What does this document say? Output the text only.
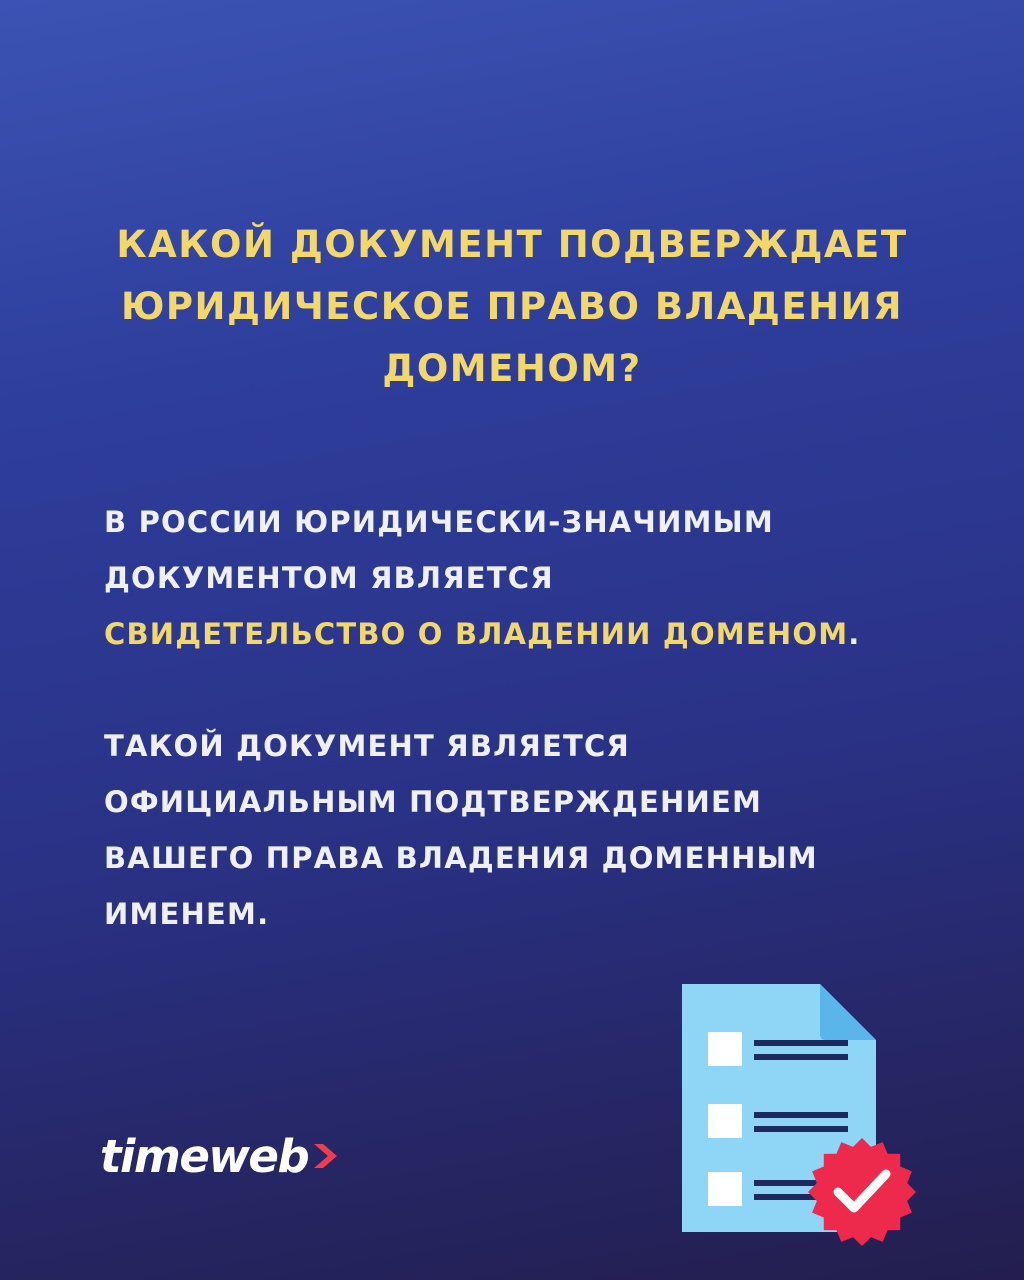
КАКОЙ ДОКУМЕНТ ПОДВЕРЖДАЕТ
ЮРИДИЧЕСКОЕ ПРАВО ВЛАДЕНИЯ
ДОМЕНОМ?

В РОССИИ ЮРИДИЧЕСКИ-ЗНАЧИМЫМ
ДОКУМЕНТОМ ЯВЛЯЕТСЯ
СВИДЕТЕЛЬСТВО О ВЛАДЕНИИ ДОМЕНОМ.

ТАКОЙ ДОКУМЕНТ ЯВЛЯЕТСЯ
ОФИЦИАЛЬНЫМ ПОДТВЕРЖДЕНИЕМ
ВАШЕГО ПРАВА ВЛАДЕНИЯ ДОМЕННЫМ
ИМЕНЕМ.

timeweb
